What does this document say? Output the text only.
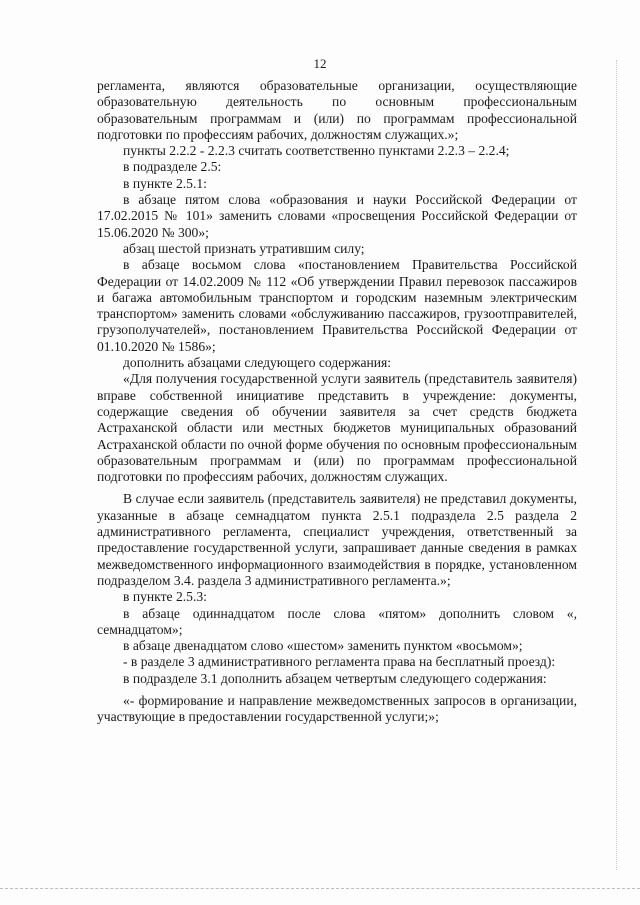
12

регламента, являются образовательные организации, осуществляющие образовательную деятельность по основным профессиональным образовательным программам и (или) по программам профессиональной подготовки по профессиям рабочих, должностям служащих.»;

пункты 2.2.2 - 2.2.3 считать соответственно пунктами 2.2.3 – 2.2.4;

в подразделе 2.5:

в пункте 2.5.1:

в абзаце пятом слова «образования и науки Российской Федерации от 17.02.2015 № 101» заменить словами «просвещения Российской Федерации от 15.06.2020 № 300»;

абзац шестой признать утратившим силу;

в абзаце восьмом слова «постановлением Правительства Российской Федерации от 14.02.2009 № 112 «Об утверждении Правил перевозок пассажиров и багажа автомобильным транспортом и городским наземным электрическим транспортом» заменить словами «обслуживанию пассажиров, грузоотправителей, грузополучателей», постановлением Правительства Российской Федерации от 01.10.2020 № 1586»;

дополнить абзацами следующего содержания:

«Для получения государственной услуги заявитель (представитель заявителя) вправе собственной инициативе представить в учреждение: документы, содержащие сведения об обучении заявителя за счет средств бюджета Астраханской области или местных бюджетов муниципальных образований Астраханской области по очной форме обучения по основным профессиональным образовательным программам и (или) по программам профессиональной подготовки по профессиям рабочих, должностям служащих.

В случае если заявитель (представитель заявителя) не представил документы, указанные в абзаце семнадцатом пункта 2.5.1 подраздела 2.5 раздела 2 административного регламента, специалист учреждения, ответственный за предоставление государственной услуги, запрашивает данные сведения в рамках межведомственного информационного взаимодействия в порядке, установленном подразделом 3.4. раздела 3 административного регламента.»;

в пункте 2.5.3:

в абзаце одиннадцатом после слова «пятом» дополнить словом «, семнадцатом»;

в абзаце двенадцатом слово «шестом» заменить пунктом «восьмом»;

- в разделе 3 административного регламента права на бесплатный проезд):

в подразделе 3.1 дополнить абзацем четвертым следующего содержания:

«- формирование и направление межведомственных запросов в организации, участвующие в предоставлении государственной услуги;»;
